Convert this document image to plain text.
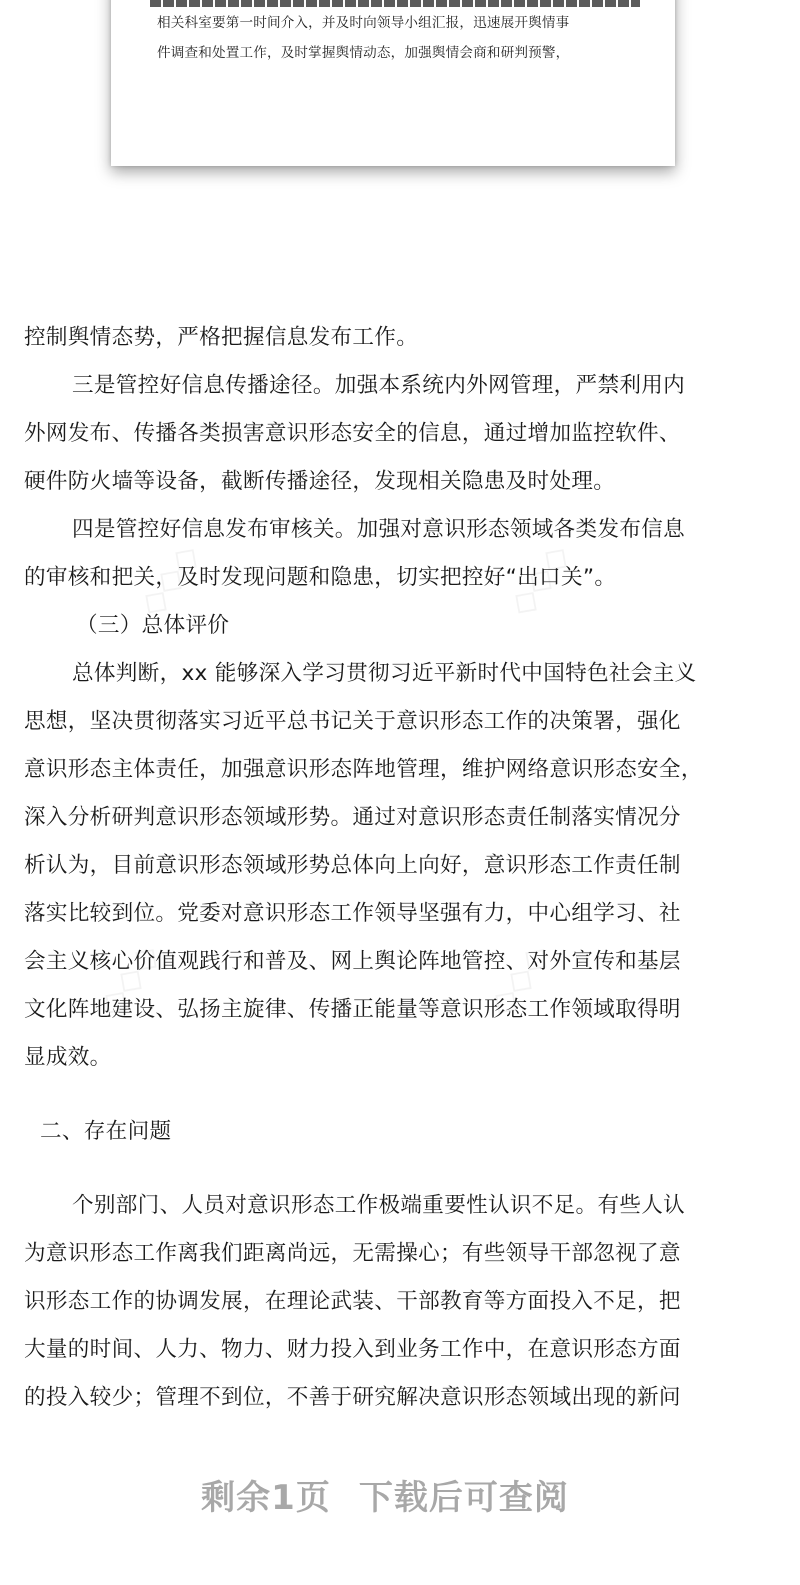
相关科室要第一时间介入，并及时向领导小组汇报，迅速展开舆情事
件调查和处置工作，及时掌握舆情动态，加强舆情会商和研判预警，
◇◇◇	◇◇◇
◇◇◇	◇◇◇
控制舆情态势，严格把握信息发布工作。
三是管控好信息传播途径。加强本系统内外网管理，严禁利用内
外网发布、传播各类损害意识形态安全的信息，通过增加监控软件、
硬件防火墙等设备，截断传播途径，发现相关隐患及时处理。
四是管控好信息发布审核关。加强对意识形态领域各类发布信息
的审核和把关，及时发现问题和隐患，切实把控好“出口关”。
（三）总体评价
总体判断，xx 能够深入学习贯彻习近平新时代中国特色社会主义
思想，坚决贯彻落实习近平总书记关于意识形态工作的决策署，强化
意识形态主体责任，加强意识形态阵地管理，维护网络意识形态安全，
深入分析研判意识形态领域形势。通过对意识形态责任制落实情况分
析认为，目前意识形态领域形势总体向上向好，意识形态工作责任制
落实比较到位。党委对意识形态工作领导坚强有力，中心组学习、社
会主义核心价值观践行和普及、网上舆论阵地管控、对外宣传和基层
文化阵地建设、弘扬主旋律、传播正能量等意识形态工作领域取得明
显成效。
二、存在问题
个别部门、人员对意识形态工作极端重要性认识不足。有些人认
为意识形态工作离我们距离尚远，无需操心；有些领导干部忽视了意
识形态工作的协调发展，在理论武装、干部教育等方面投入不足，把
大量的时间、人力、物力、财力投入到业务工作中，在意识形态方面
的投入较少；管理不到位，不善于研究解决意识形态领域出现的新问
剩余1页 下载后可查阅
